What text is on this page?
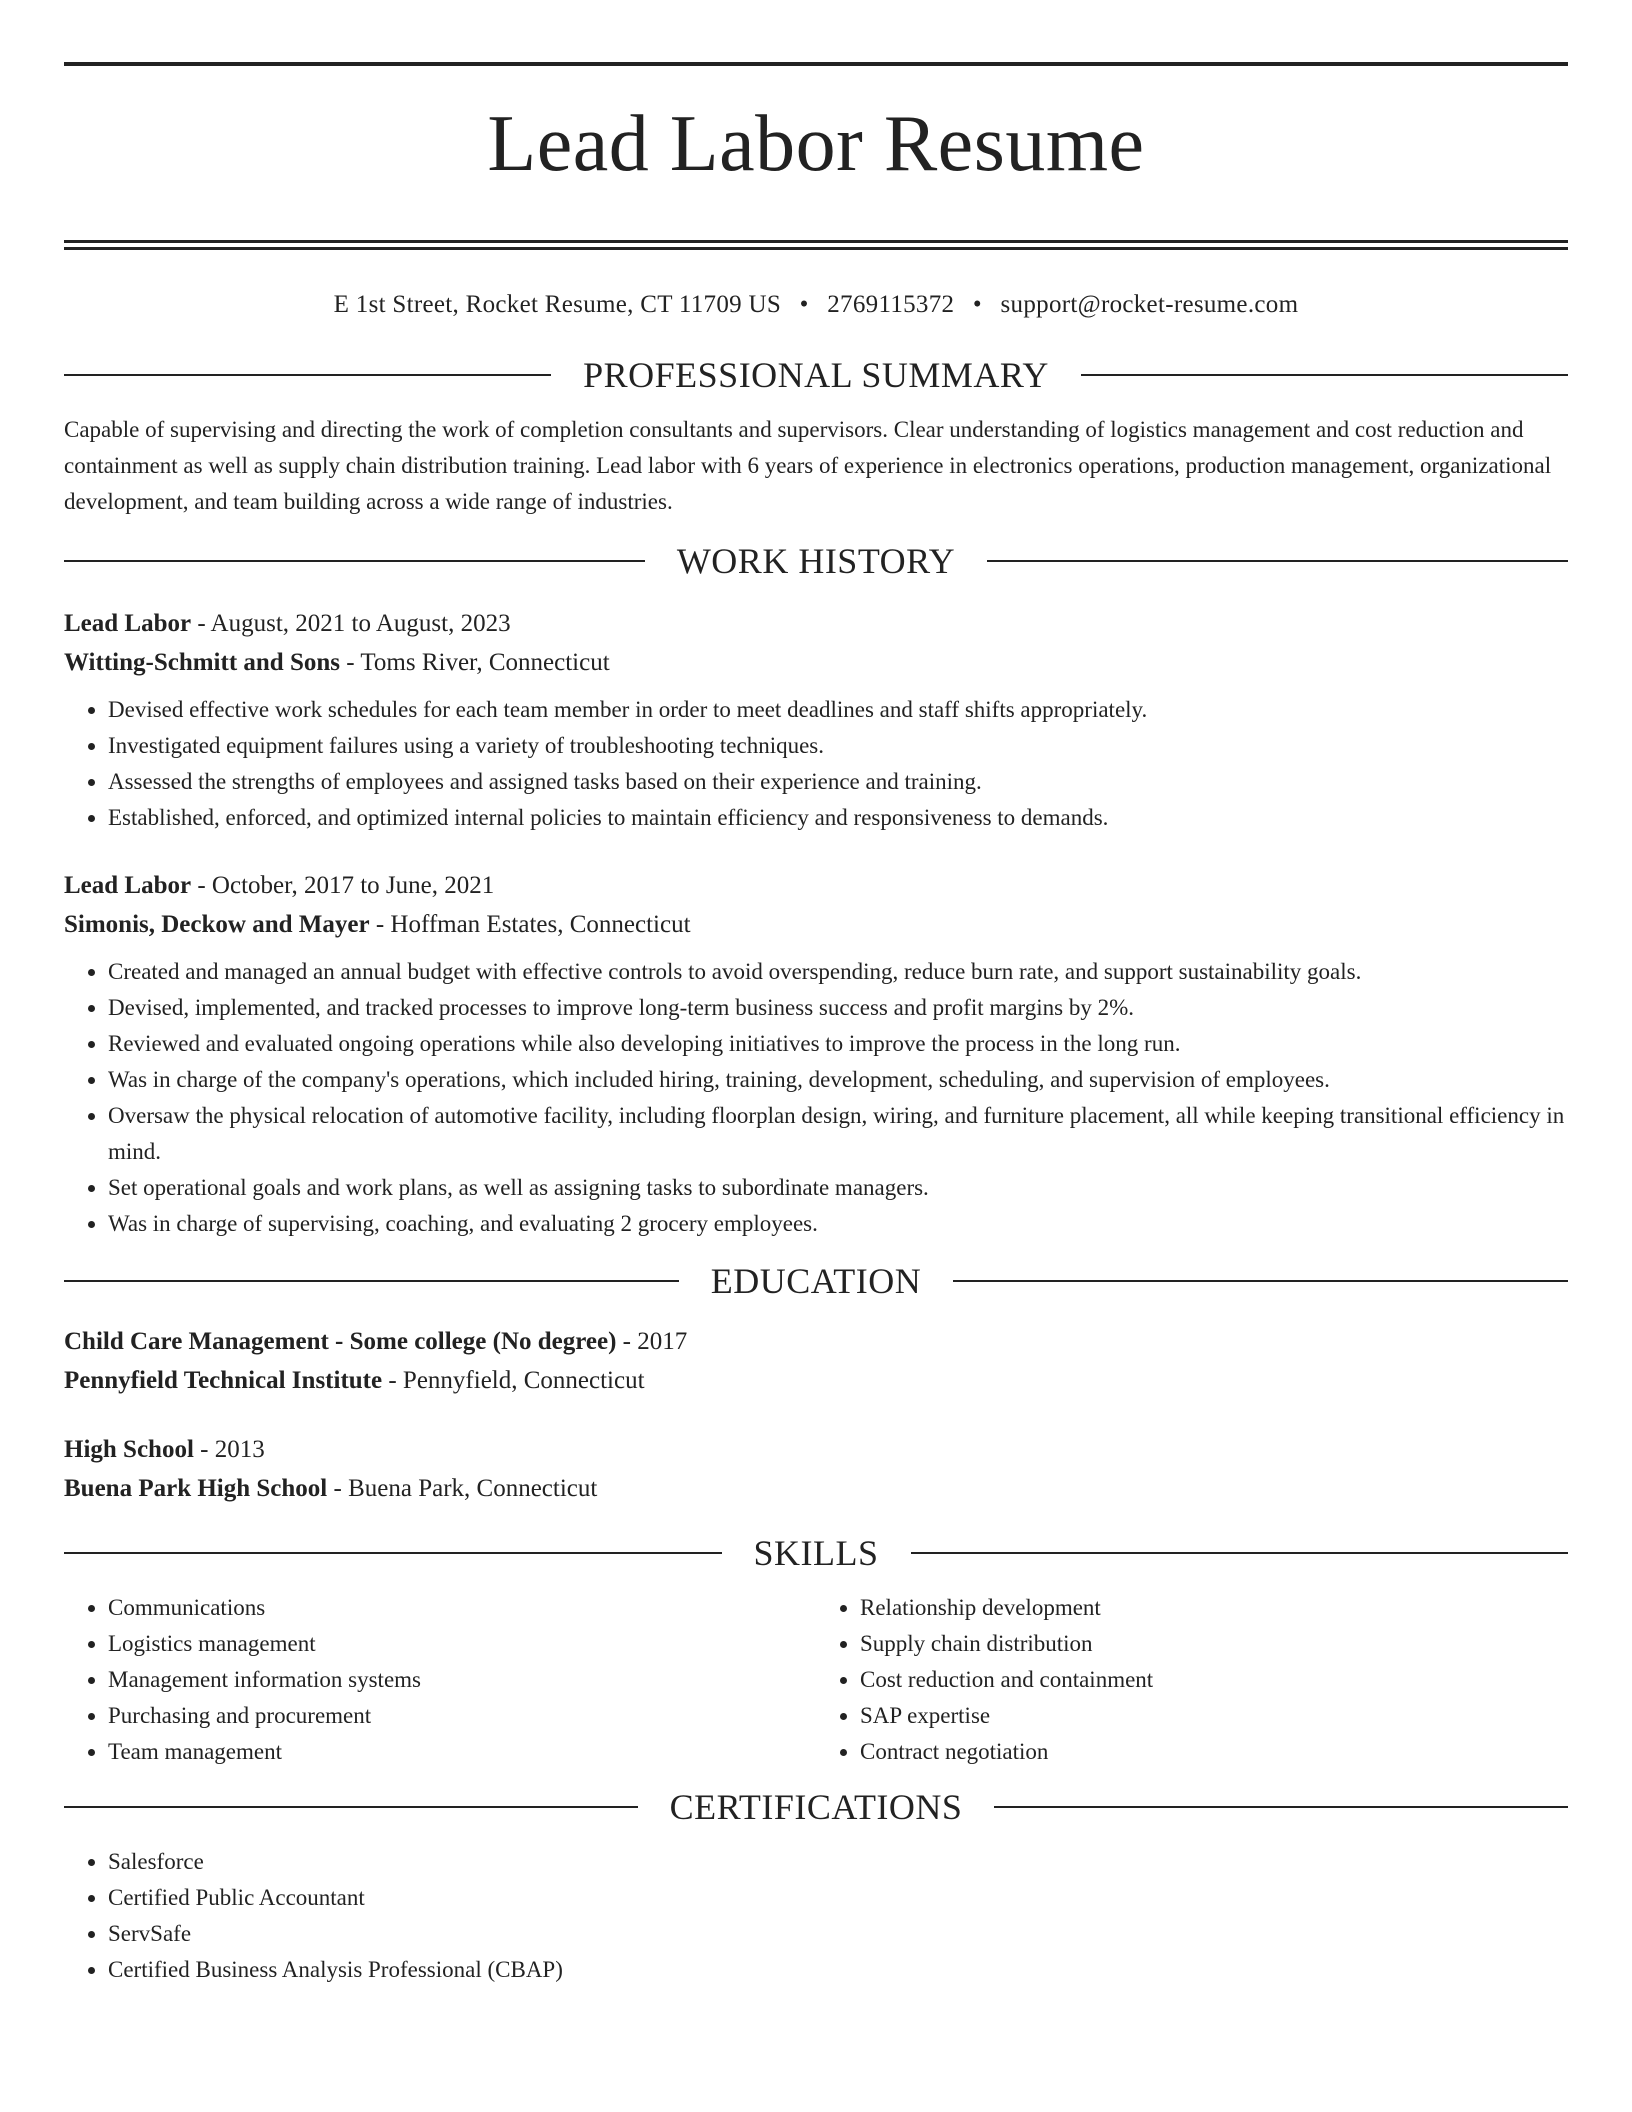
Lead Labor Resume
E 1st Street, Rocket Resume, CT 11709 US • 2769115372 • support@rocket-resume.com
PROFESSIONAL SUMMARY
Capable of supervising and directing the work of completion consultants and supervisors. Clear understanding of logistics management and cost reduction and containment as well as supply chain distribution training. Lead labor with 6 years of experience in electronics operations, production management, organizational development, and team building across a wide range of industries.
WORK HISTORY
Lead Labor - August, 2021 to August, 2023
Witting-Schmitt and Sons - Toms River, Connecticut
• Devised effective work schedules for each team member in order to meet deadlines and staff shifts appropriately.
• Investigated equipment failures using a variety of troubleshooting techniques.
• Assessed the strengths of employees and assigned tasks based on their experience and training.
• Established, enforced, and optimized internal policies to maintain efficiency and responsiveness to demands.
Lead Labor - October, 2017 to June, 2021
Simonis, Deckow and Mayer - Hoffman Estates, Connecticut
• Created and managed an annual budget with effective controls to avoid overspending, reduce burn rate, and support sustainability goals.
• Devised, implemented, and tracked processes to improve long-term business success and profit margins by 2%.
• Reviewed and evaluated ongoing operations while also developing initiatives to improve the process in the long run.
• Was in charge of the company's operations, which included hiring, training, development, scheduling, and supervision of employees.
• Oversaw the physical relocation of automotive facility, including floorplan design, wiring, and furniture placement, all while keeping transitional efficiency in mind.
• Set operational goals and work plans, as well as assigning tasks to subordinate managers.
• Was in charge of supervising, coaching, and evaluating 2 grocery employees.
EDUCATION
Child Care Management - Some college (No degree) - 2017
Pennyfield Technical Institute - Pennyfield, Connecticut
High School - 2013
Buena Park High School - Buena Park, Connecticut
SKILLS
• Communications
• Logistics management
• Management information systems
• Purchasing and procurement
• Team management
• Relationship development
• Supply chain distribution
• Cost reduction and containment
• SAP expertise
• Contract negotiation
CERTIFICATIONS
• Salesforce
• Certified Public Accountant
• ServSafe
• Certified Business Analysis Professional (CBAP)
